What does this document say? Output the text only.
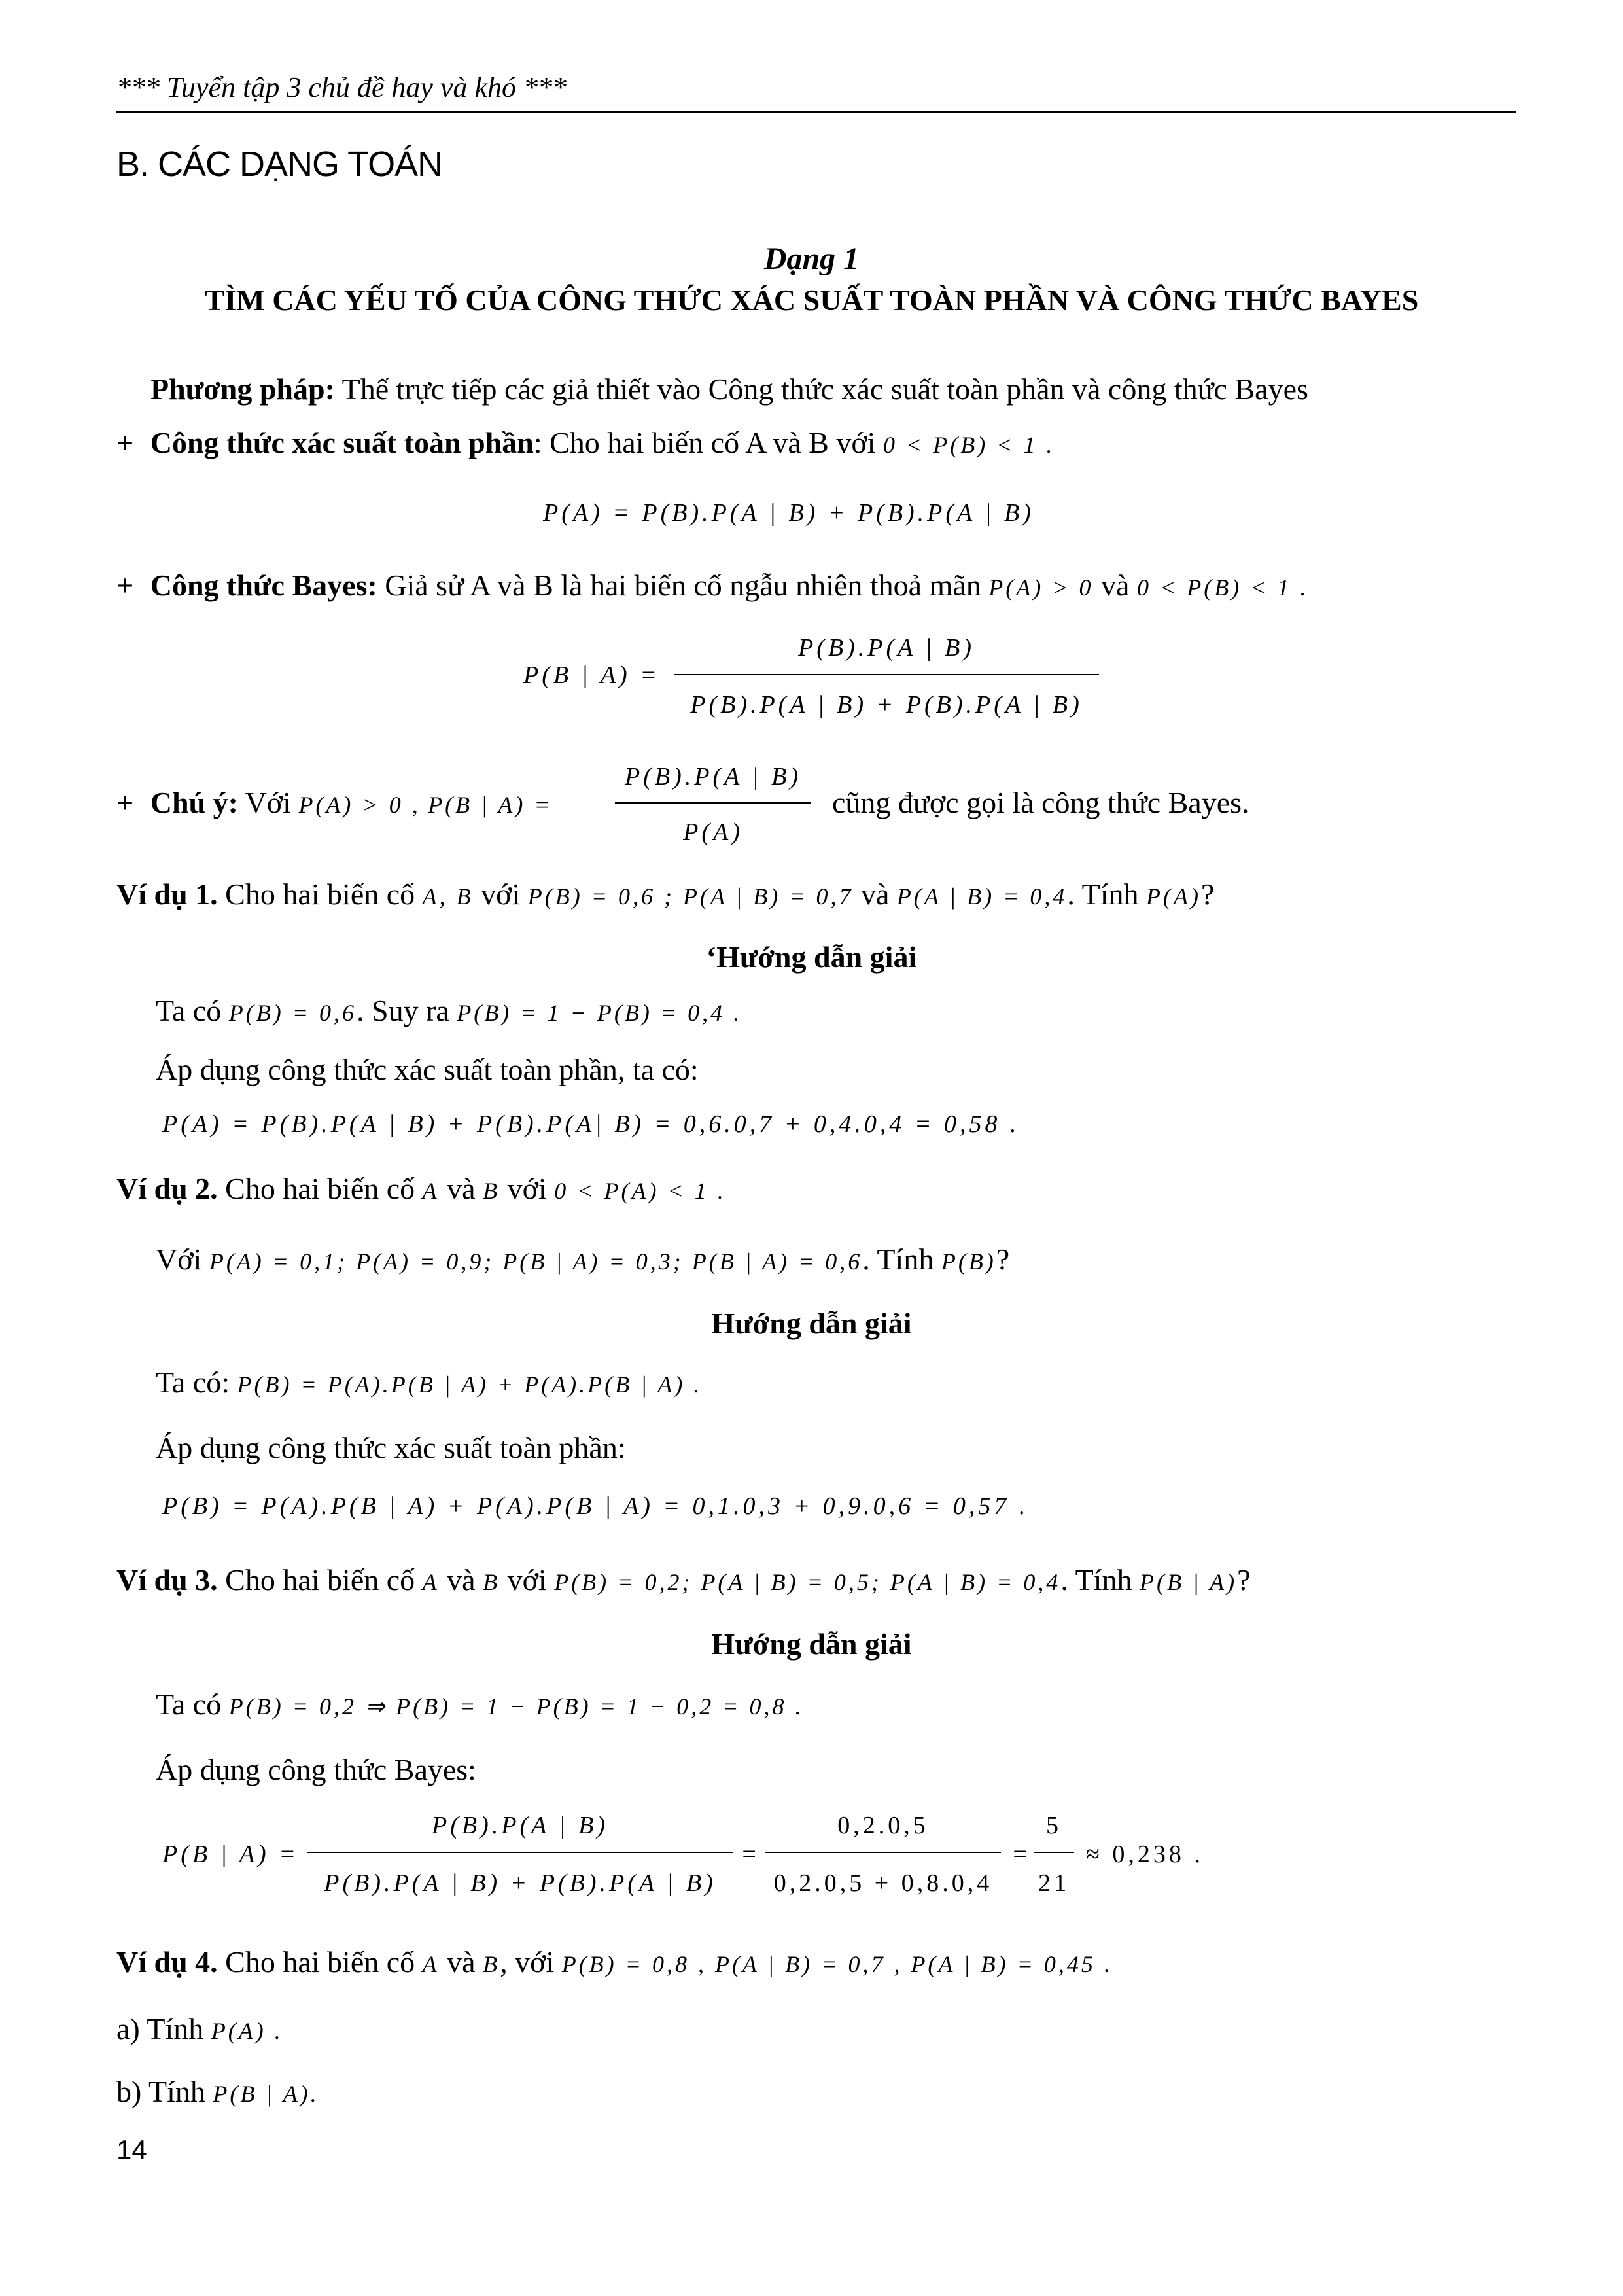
*** Tuyển tập 3 chủ đề hay và khó ***
B. CÁC DẠNG TOÁN
Dạng 1
TÌM CÁC YẾU TỐ CỦA CÔNG THỨC XÁC SUẤT TOÀN PHẦN VÀ CÔNG THỨC BAYES
Phương pháp: Thế trực tiếp các giả thiết vào Công thức xác suất toàn phần và công thức Bayes
+ Công thức xác suất toàn phần: Cho hai biến cố A và B với 0 < P(B) < 1 .
P(A) = P(B).P(A | B) + P(B).P(A | B)
+ Công thức Bayes: Giả sử A và B là hai biến cố ngẫu nhiên thoả mãn P(A) > 0 và 0 < P(B) < 1 .
P(B | A) =
P(B).P(A | B)
P(B).P(A | B) + P(B).P(A | B)
+ Chú ý: Với P(A) > 0 , P(B | A) =
P(B).P(A | B)
P(A)
cũng được gọi là công thức Bayes.
Ví dụ 1. Cho hai biến cố A, B với P(B) = 0,6 ; P(A | B) = 0,7 và P(A | B) = 0,4. Tính P(A)?
‘Hướng dẫn giải
Ta có P(B) = 0,6. Suy ra P(B) = 1 − P(B) = 0,4 .
Áp dụng công thức xác suất toàn phần, ta có:
P(A) = P(B).P(A | B) + P(B).P(A| B) = 0,6.0,7 + 0,4.0,4 = 0,58 .
Ví dụ 2. Cho hai biến cố A và B với 0 < P(A) < 1 .
Với P(A) = 0,1; P(A) = 0,9; P(B | A) = 0,3; P(B | A) = 0,6. Tính P(B)?
Hướng dẫn giải
Ta có: P(B) = P(A).P(B | A) + P(A).P(B | A) .
Áp dụng công thức xác suất toàn phần:
P(B) = P(A).P(B | A) + P(A).P(B | A) = 0,1.0,3 + 0,9.0,6 = 0,57 .
Ví dụ 3. Cho hai biến cố A và B với P(B) = 0,2; P(A | B) = 0,5; P(A | B) = 0,4. Tính P(B | A)?
Hướng dẫn giải
Ta có P(B) = 0,2 ⇒ P(B) = 1 − P(B) = 1 − 0,2 = 0,8 .
Áp dụng công thức Bayes:
P(B | A) =
P(B).P(A | B)
P(B).P(A | B) + P(B).P(A | B)
=
0,2.0,5
0,2.0,5 + 0,8.0,4
=
5
21
≈ 0,238 .
Ví dụ 4. Cho hai biến cố A và B, với P(B) = 0,8 , P(A | B) = 0,7 , P(A | B) = 0,45 .
a) Tính P(A) .
b) Tính P(B | A).
14
